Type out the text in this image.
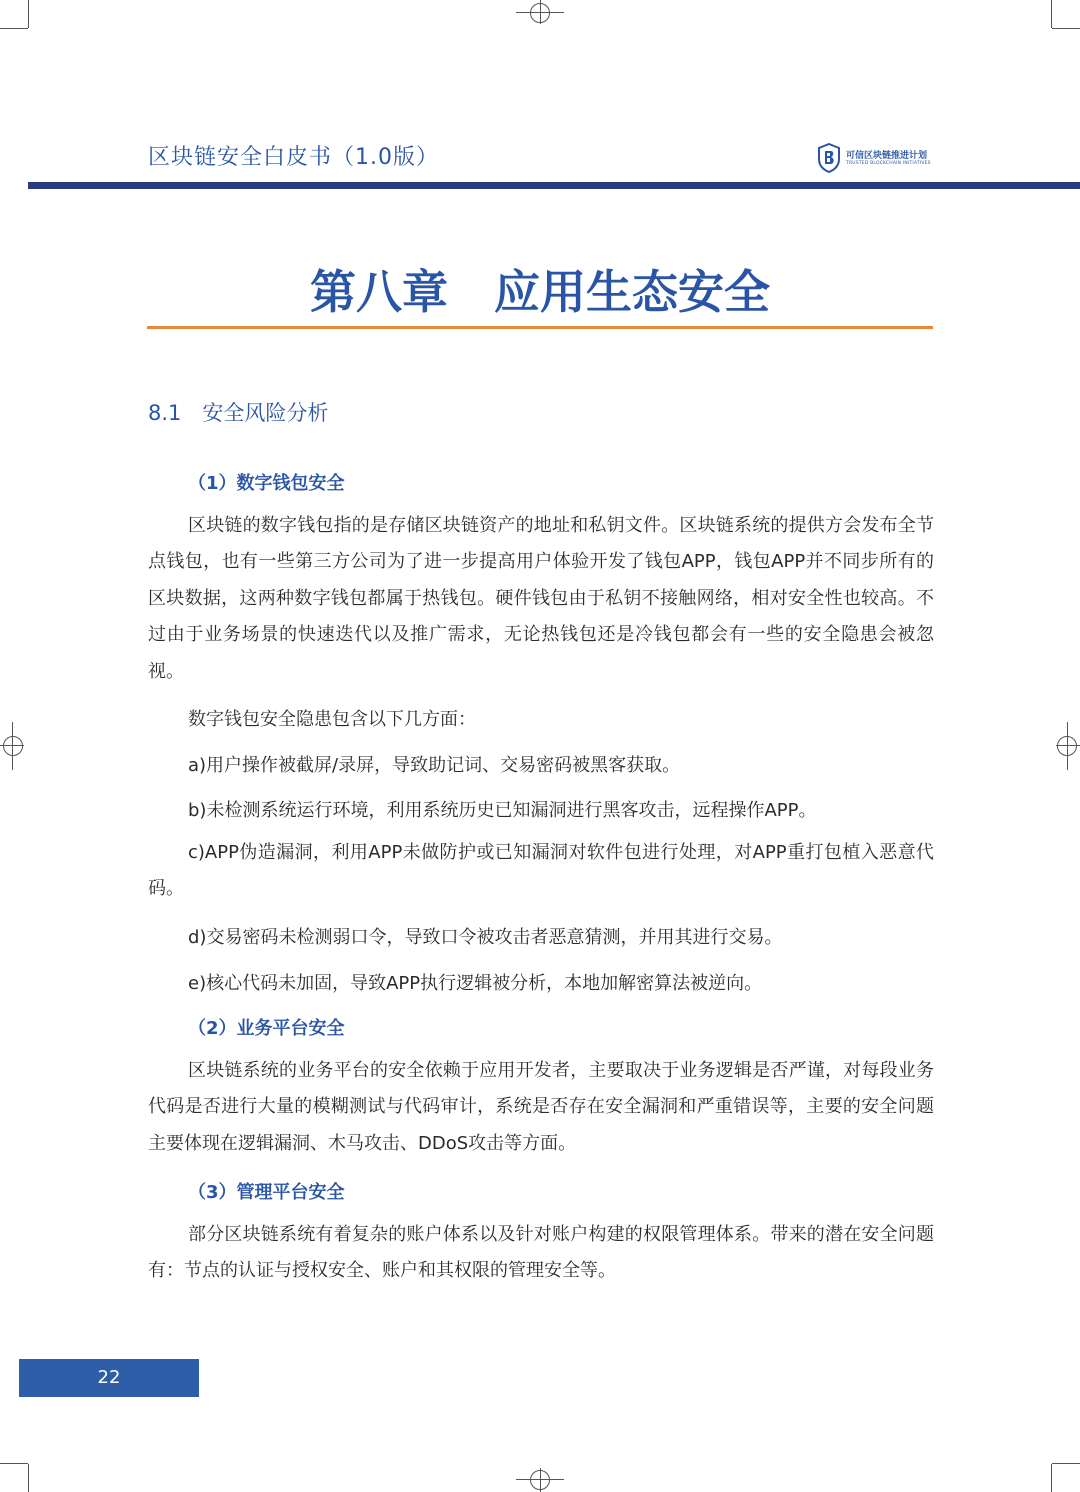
区块链安全白皮书（1.0版）	可信区块链推进计划
TRUSTED BLOCKCHAIN INITIATIVES
第八章　应用生态安全
8.1　安全风险分析
（1）数字钱包安全
区块链的数字钱包指的是存储区块链资产的地址和私钥文件。区块链系统的提供方会发布全节点钱包，也有一些第三方公司为了进一步提高用户体验开发了钱包APP，钱包APP并不同步所有的区块数据，这两种数字钱包都属于热钱包。硬件钱包由于私钥不接触网络，相对安全性也较高。不过由于业务场景的快速迭代以及推广需求，无论热钱包还是冷钱包都会有一些的安全隐患会被忽视。
数字钱包安全隐患包含以下几方面：
a)用户操作被截屏/录屏，导致助记词、交易密码被黑客获取。
b)未检测系统运行环境，利用系统历史已知漏洞进行黑客攻击，远程操作APP。
c)APP伪造漏洞，利用APP未做防护或已知漏洞对软件包进行处理，对APP重打包植入恶意代码。
d)交易密码未检测弱口令，导致口令被攻击者恶意猜测，并用其进行交易。
e)核心代码未加固，导致APP执行逻辑被分析，本地加解密算法被逆向。
（2）业务平台安全
区块链系统的业务平台的安全依赖于应用开发者，主要取决于业务逻辑是否严谨，对每段业务代码是否进行大量的模糊测试与代码审计，系统是否存在安全漏洞和严重错误等，主要的安全问题主要体现在逻辑漏洞、木马攻击、DDoS攻击等方面。
（3）管理平台安全
部分区块链系统有着复杂的账户体系以及针对账户构建的权限管理体系。带来的潜在安全问题有：节点的认证与授权安全、账户和其权限的管理安全等。
22
